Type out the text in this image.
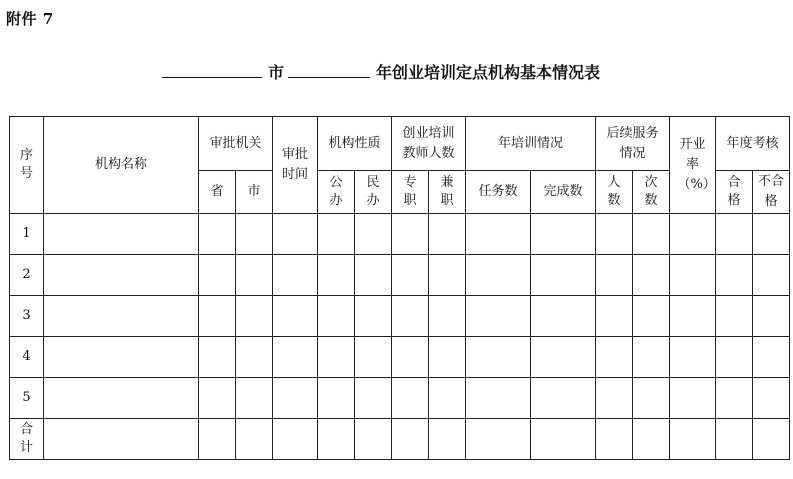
附件 7
市	年创业培训定点机构基本情况表
序号	机构名称	审批机关		审批时间	机构性质		创业培训教师人数		年培训情况		后续服务情况		开业率（%）	年度考核	
		省	市		公办	民办	专职	兼职	任务数	完成数	人数	次数		合格	不合格
1															
2															
3															
4															
5															
合计															
